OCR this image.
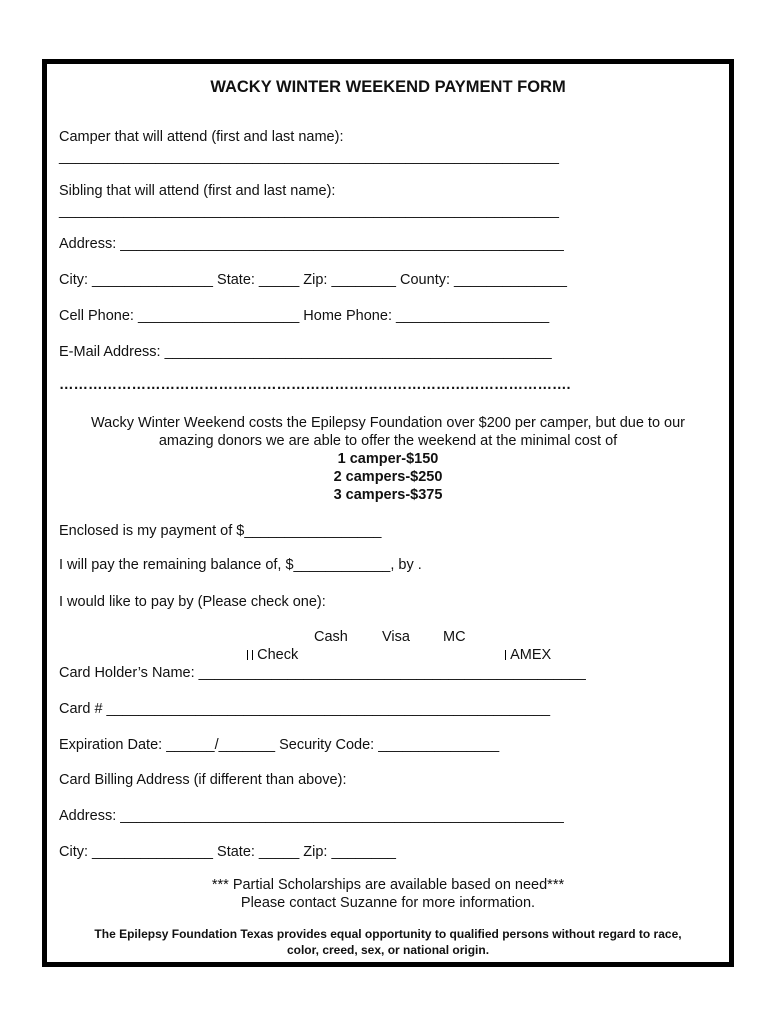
WACKY WINTER WEEKEND PAYMENT FORM
Camper that will attend (first and last name):
______________________________________________________________
Sibling that will attend (first and last name):
______________________________________________________________
Address: _______________________________________________________
City: _______________ State: _____ Zip: ________ County: ______________
Cell Phone: ____________________ Home Phone: ___________________
E-Mail Address: ________________________________________________
…………………………………………………………………………………………….
Wacky Winter Weekend costs the Epilepsy Foundation over $200 per camper, but due to our
amazing donors we are able to offer the weekend at the minimal cost of
1 camper-$150
2 campers-$250
3 campers-$375
Enclosed is my payment of $_________________
I will pay the remaining balance of, $____________, by .
I would like to pay by (Please check one):

Check

Cash Visa MC

AMEX

Card Holder’s Name: ________________________________________________
Card # _______________________________________________________
Expiration Date: ______/_______ Security Code: _______________
Card Billing Address (if different than above):
Address: _______________________________________________________
City: _______________ State: _____ Zip: ________
*** Partial Scholarships are available based on need***
Please contact Suzanne for more information.
The Epilepsy Foundation Texas provides equal opportunity to qualified persons without regard to race,
color, creed, sex, or national origin.
